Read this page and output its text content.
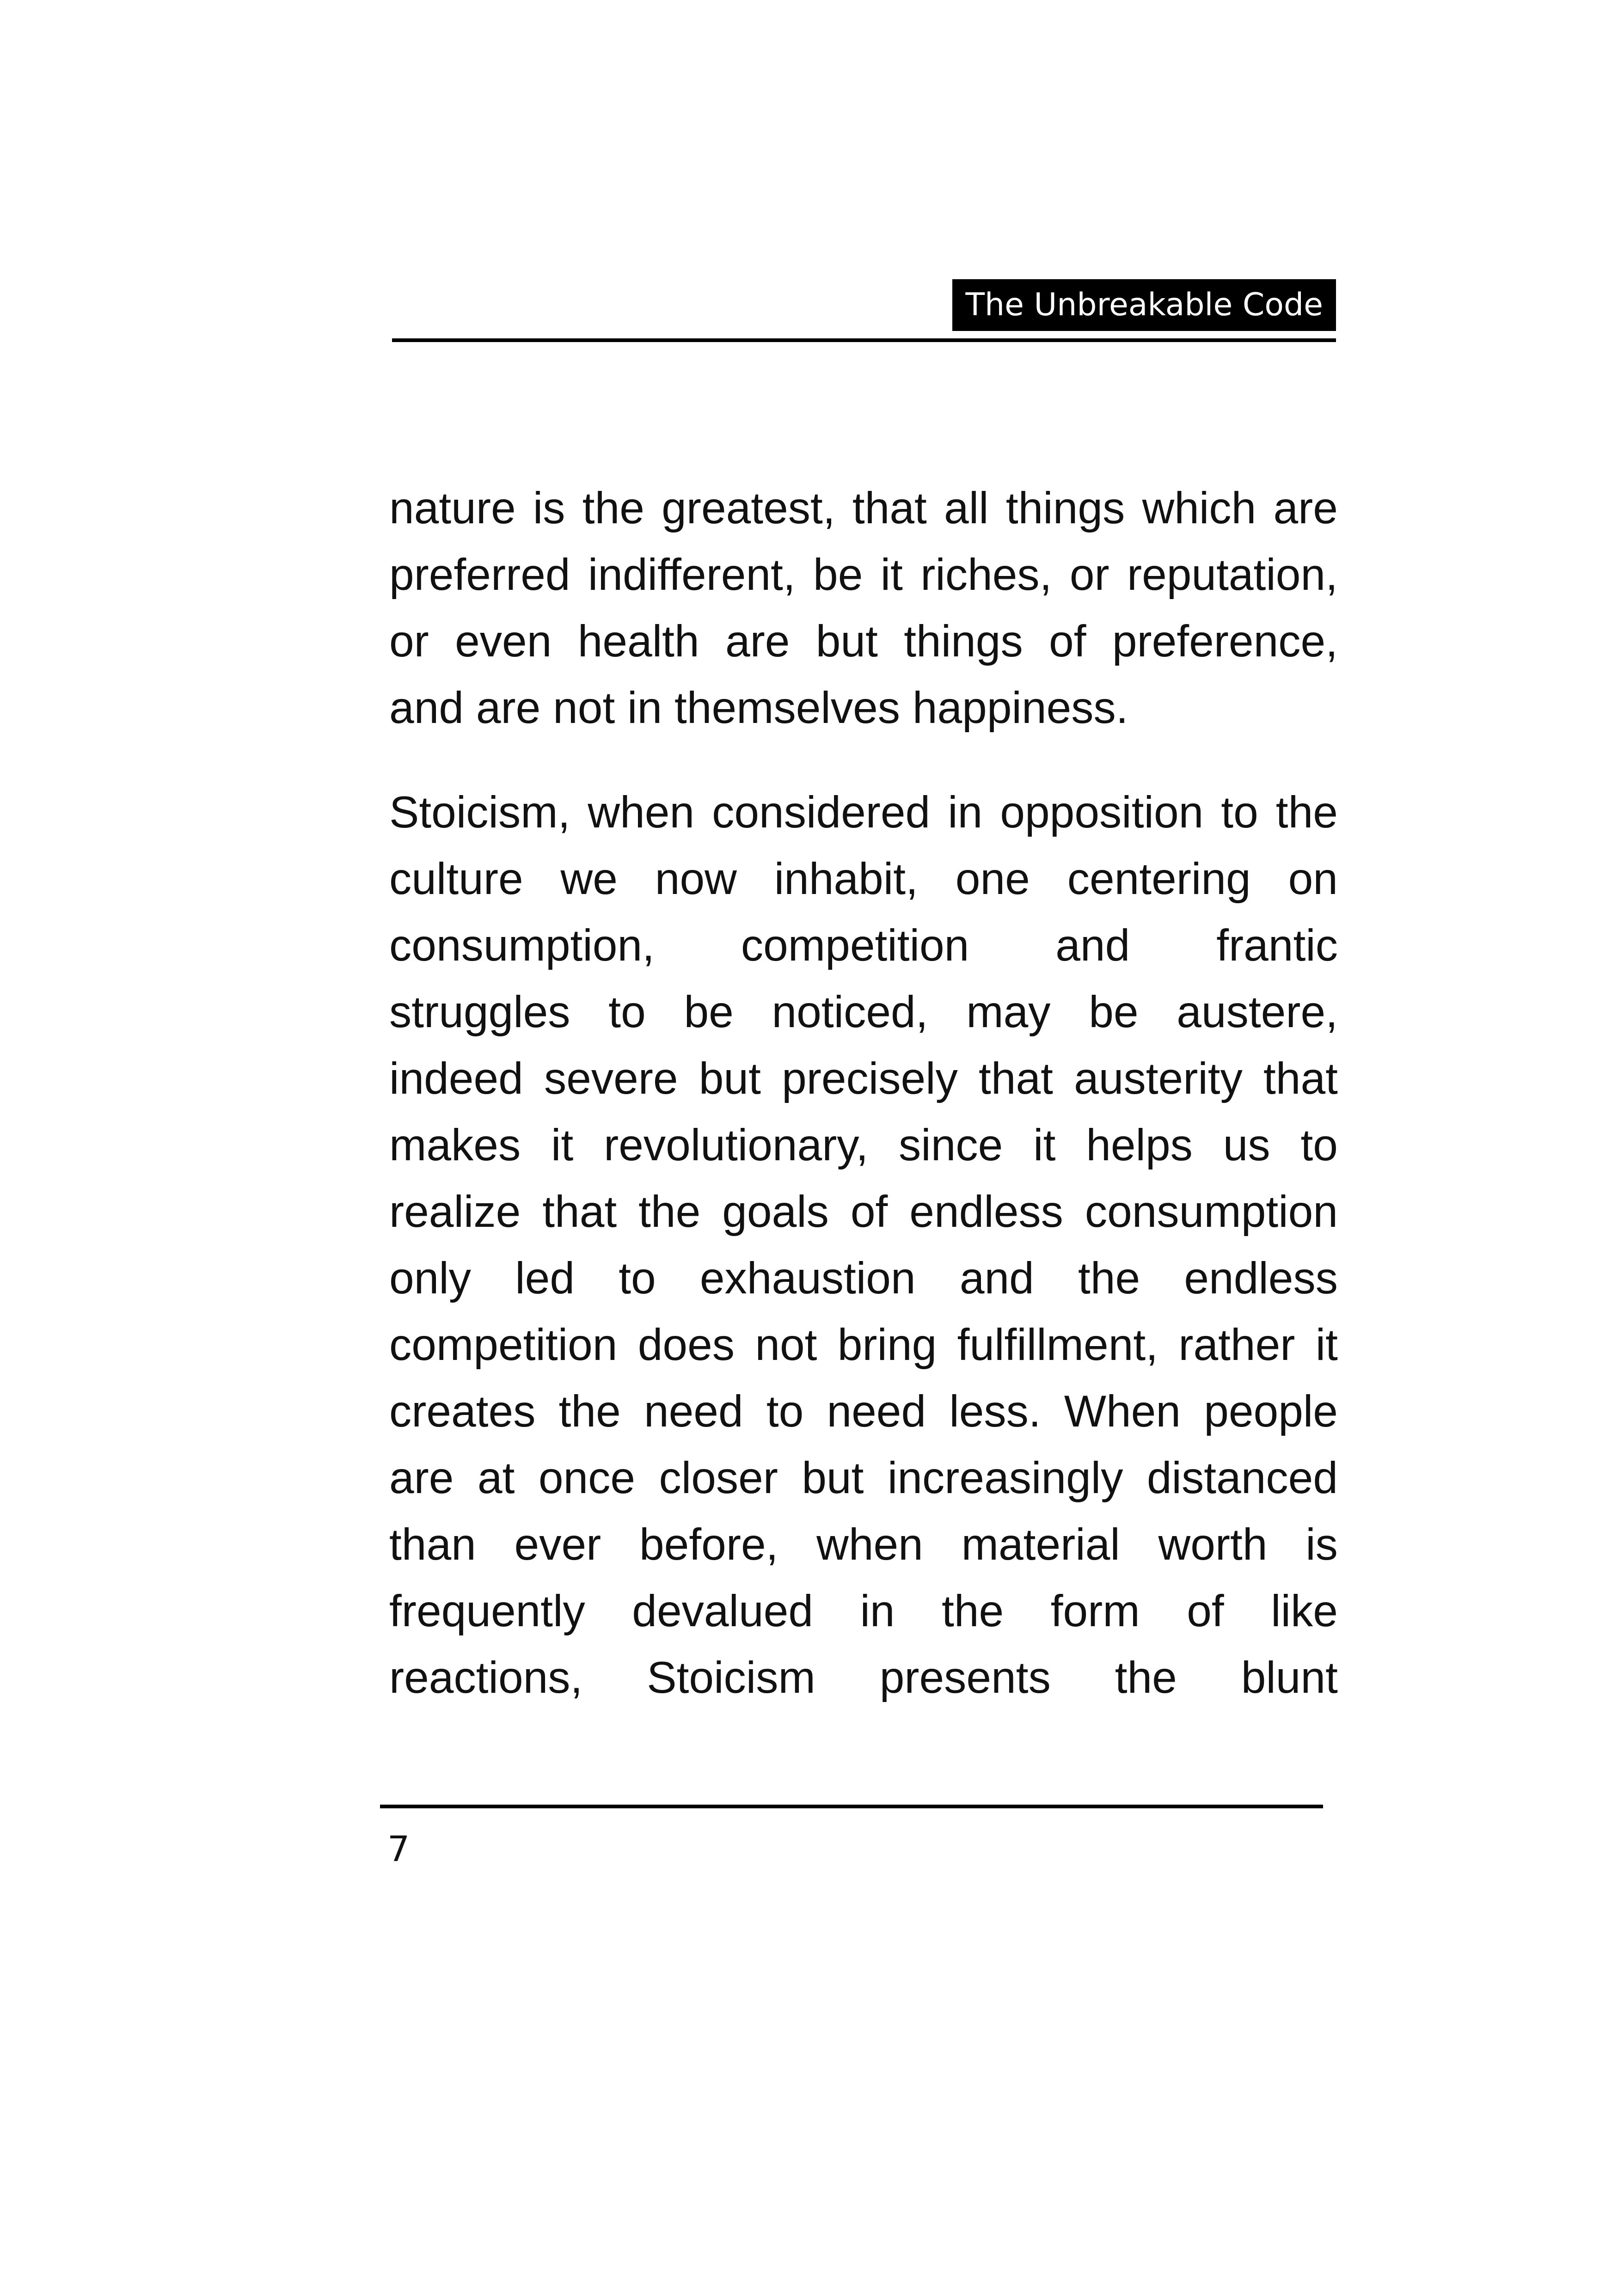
The Unbreakable Code

nature is the greatest, that all things which are
preferred indifferent, be it riches, or reputation,
or even health are but things of preference,
and are not in themselves happiness.

Stoicism, when considered in opposition to the
culture we now inhabit, one centering on
consumption, competition and frantic
struggles to be noticed, may be austere,
indeed severe but precisely that austerity that
makes it revolutionary, since it helps us to
realize that the goals of endless consumption
only led to exhaustion and the endless
competition does not bring fulfillment, rather it
creates the need to need less. When people
are at once closer but increasingly distanced
than ever before, when material worth is
frequently devalued in the form of like
reactions, Stoicism presents the blunt

7
